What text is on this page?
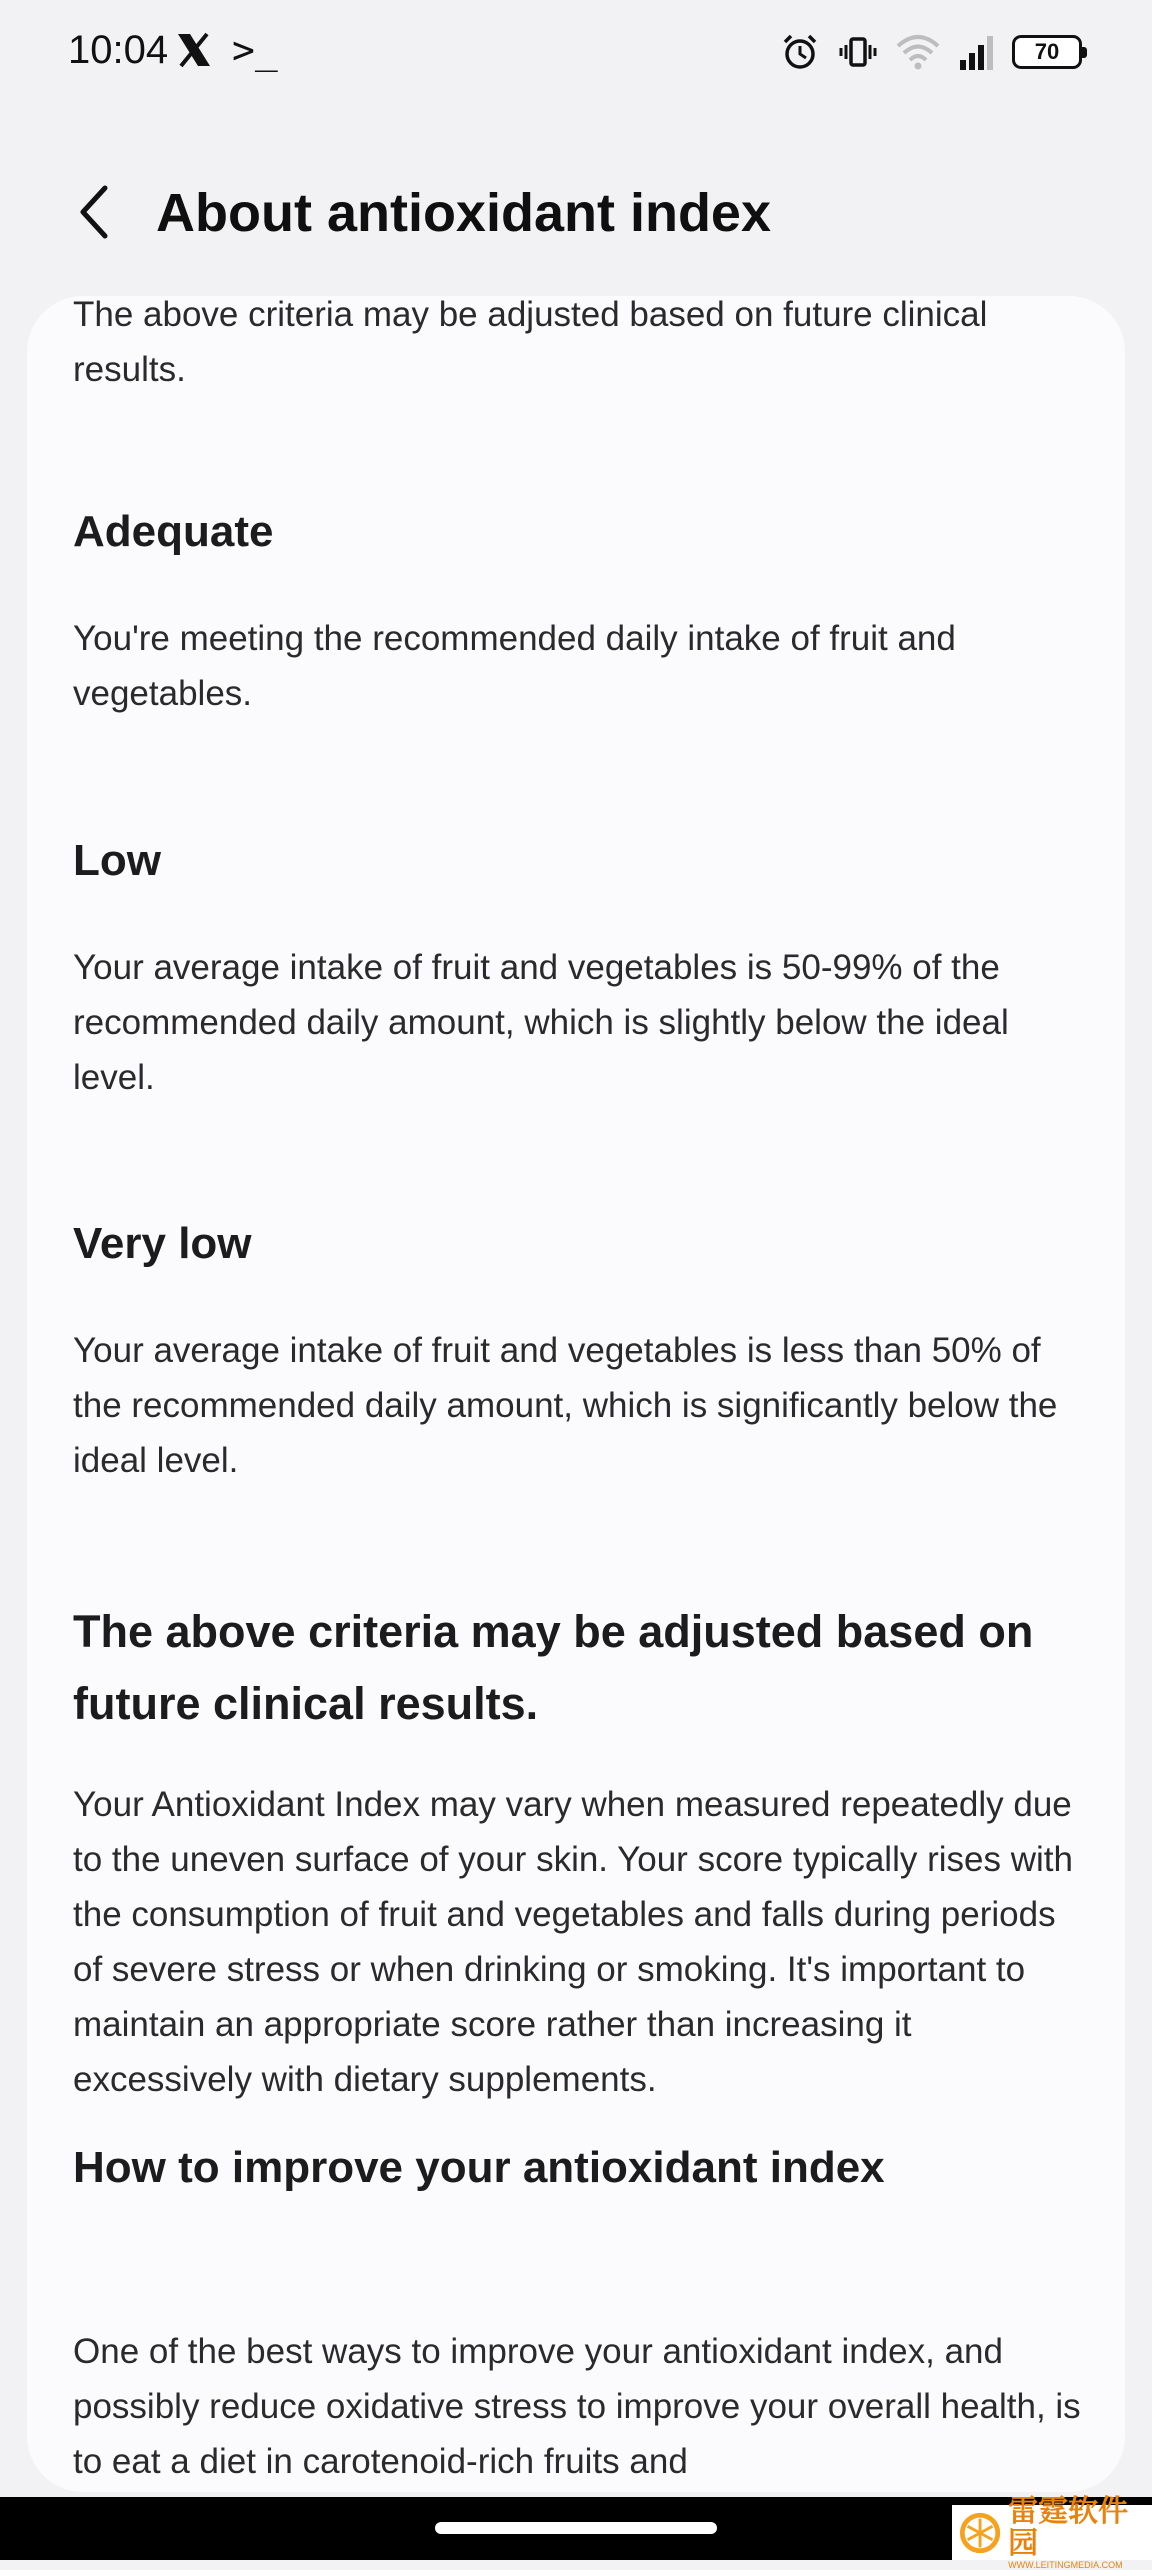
10:04 >_	70
About antioxidant index

The above criteria may be adjusted based on future clinical results.

Adequate

You're meeting the recommended daily intake of fruit and vegetables.

Low

Your average intake of fruit and vegetables is 50-99% of the recommended daily amount, which is slightly below the ideal level.

Very low

Your average intake of fruit and vegetables is less than 50% of the recommended daily amount, which is significantly below the ideal level.

The above criteria may be adjusted based on future clinical results.

Your Antioxidant Index may vary when measured repeatedly due to the uneven surface of your skin. Your score typically rises with the consumption of fruit and vegetables and falls during periods of severe stress or when drinking or smoking. It's important to maintain an appropriate score rather than increasing it excessively with dietary supplements.

How to improve your antioxidant index

One of the best ways to improve your antioxidant index, and possibly reduce oxidative stress to improve your overall health, is to eat a diet in carotenoid-rich fruits and

雷霆软件园
WWW.LEITINGMEDIA.COM
